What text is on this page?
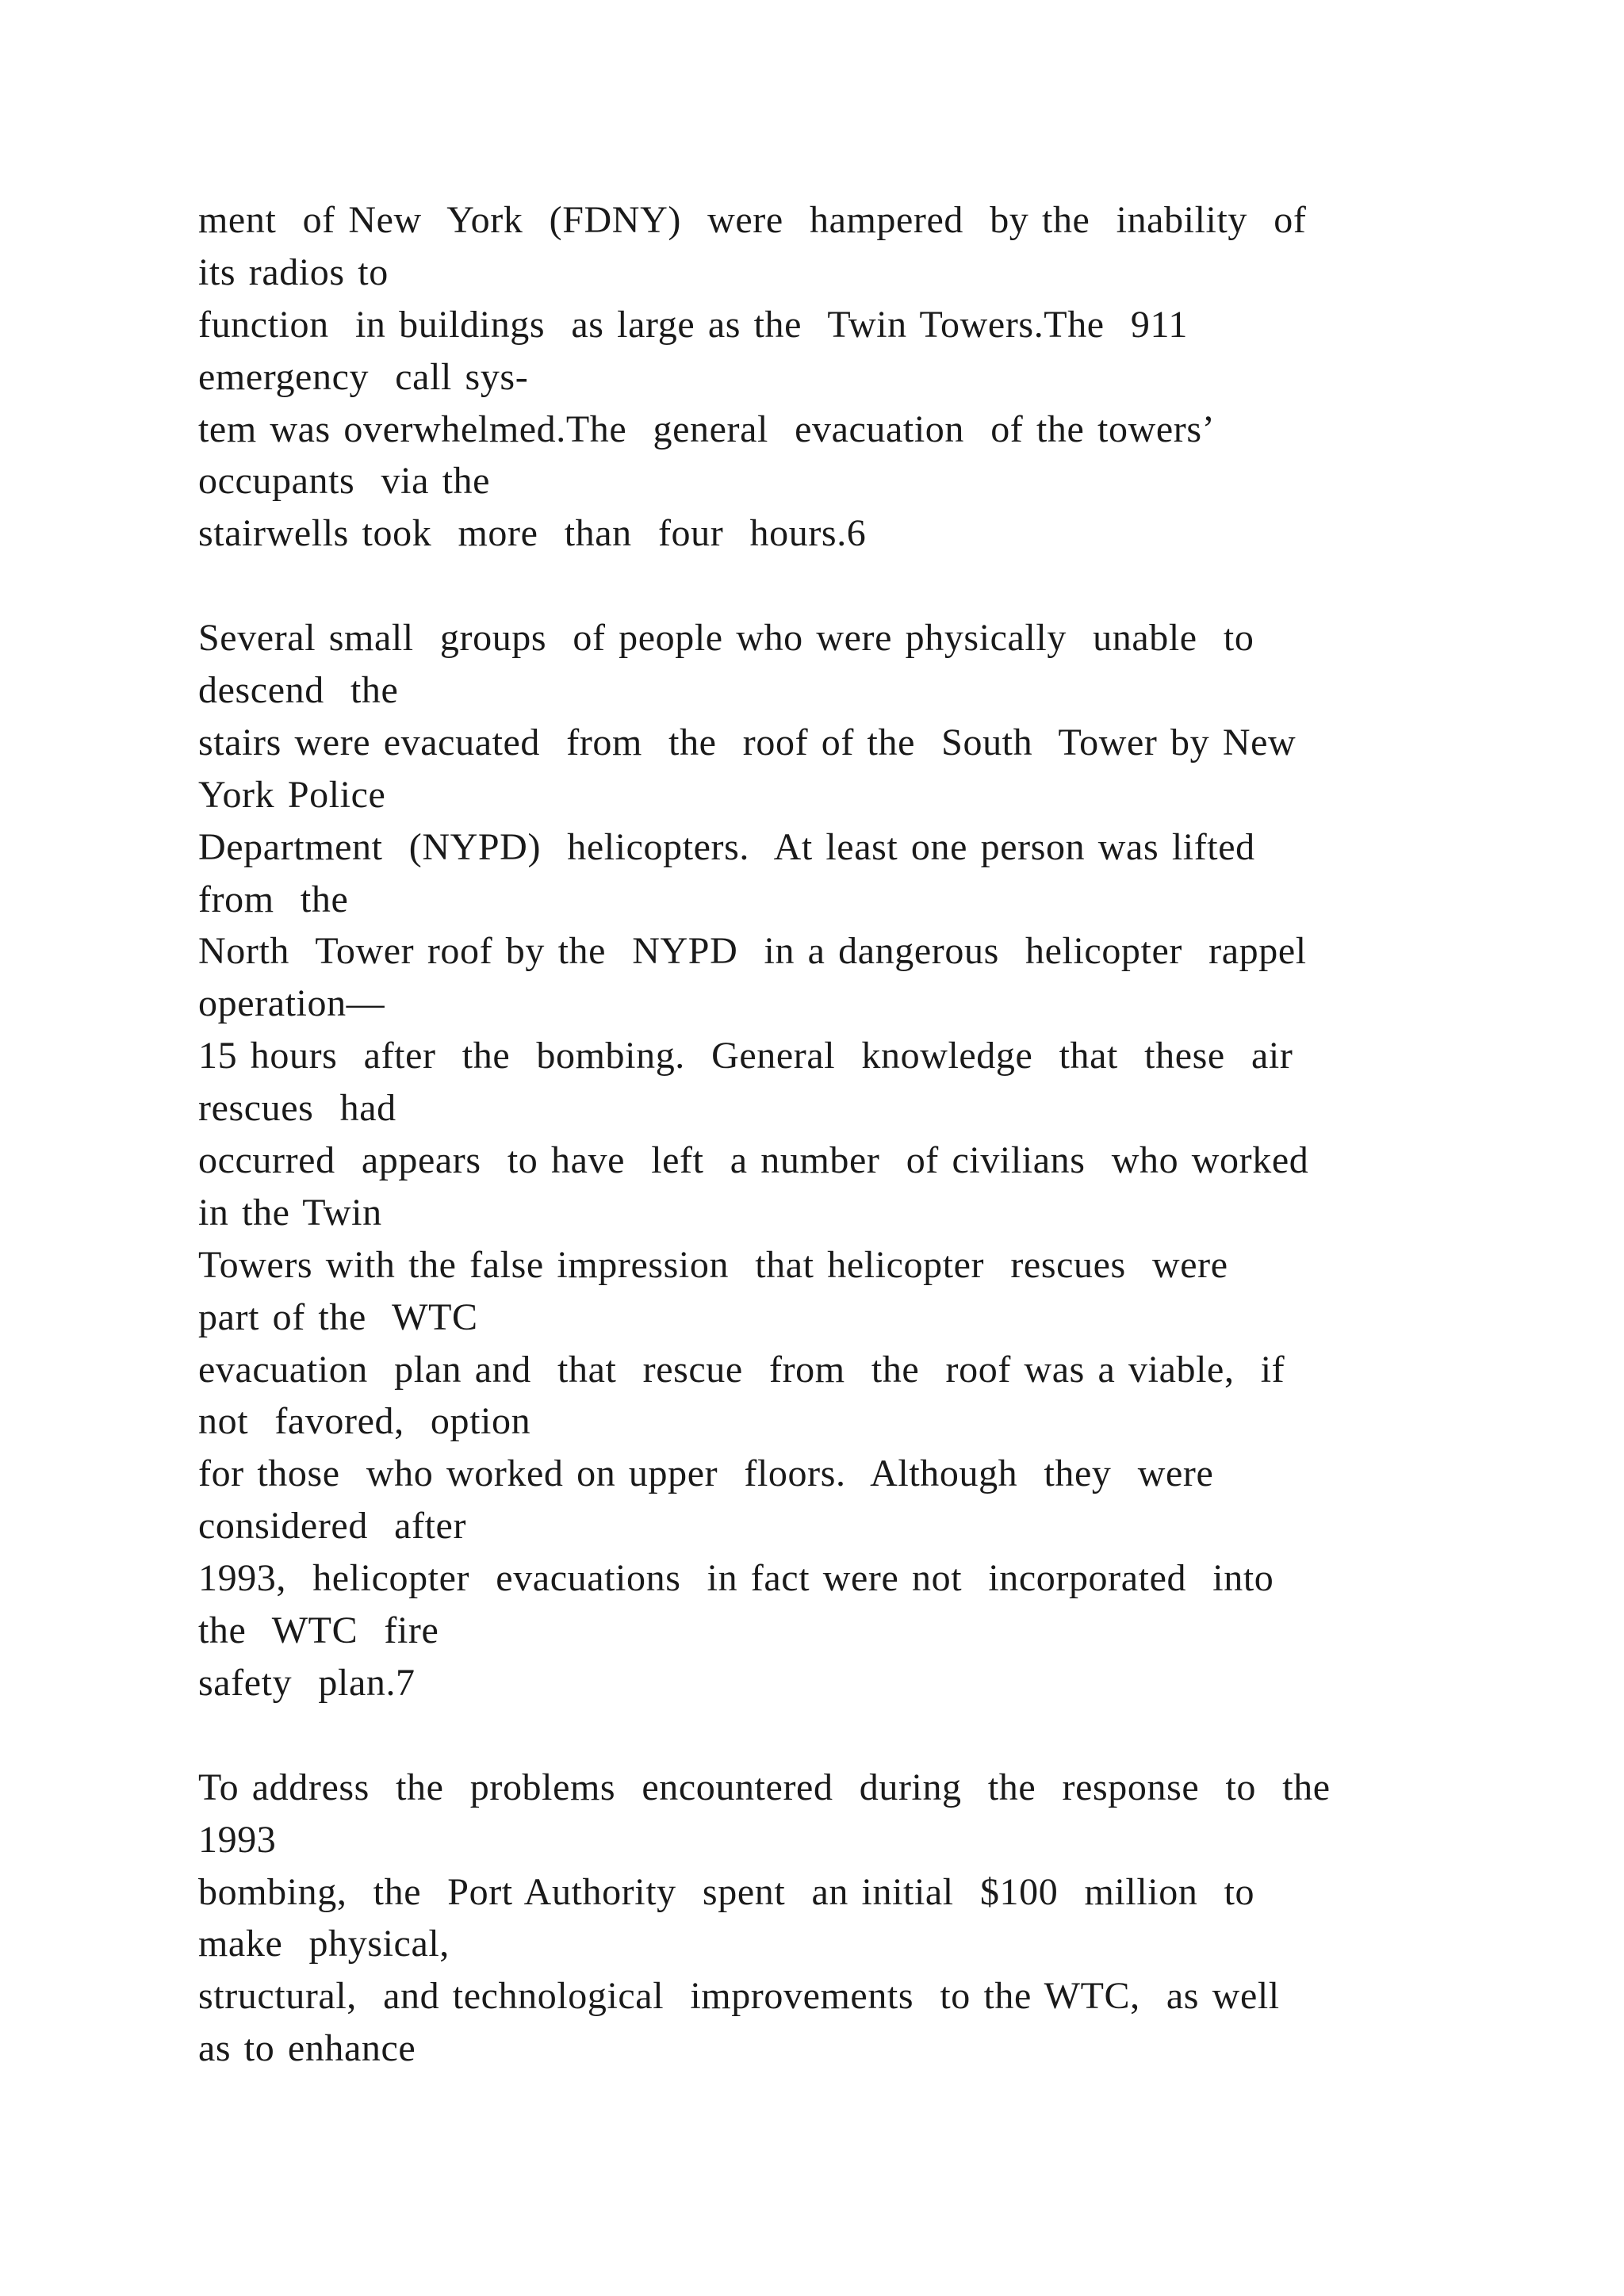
ment  of New  York  (FDNY)  were  hampered  by the  inability  of
its radios to
function  in buildings  as large as the  Twin Towers.The  911
emergency  call sys-
tem was overwhelmed.The  general  evacuation  of the towers’
occupants  via the
stairwells took  more  than  four  hours.6

Several small  groups  of people who were physically  unable  to
descend  the
stairs were evacuated  from  the  roof of the  South  Tower by New
York Police
Department  (NYPD)  helicopters.  At least one person was lifted
from  the
North  Tower roof by the  NYPD  in a dangerous  helicopter  rappel
operation—
15 hours  after  the  bombing.  General  knowledge  that  these  air
rescues  had
occurred  appears  to have  left  a number  of civilians  who worked
in the Twin
Towers with the false impression  that helicopter  rescues  were
part of the  WTC
evacuation  plan and  that  rescue  from  the  roof was a viable,  if
not  favored,  option
for those  who worked on upper  floors.  Although  they  were
considered  after
1993,  helicopter  evacuations  in fact were not  incorporated  into
the  WTC  fire
safety  plan.7

To address  the  problems  encountered  during  the  response  to  the
1993
bombing,  the  Port Authority  spent  an initial  $100  million  to
make  physical,
structural,  and technological  improvements  to the WTC,  as well
as to enhance
